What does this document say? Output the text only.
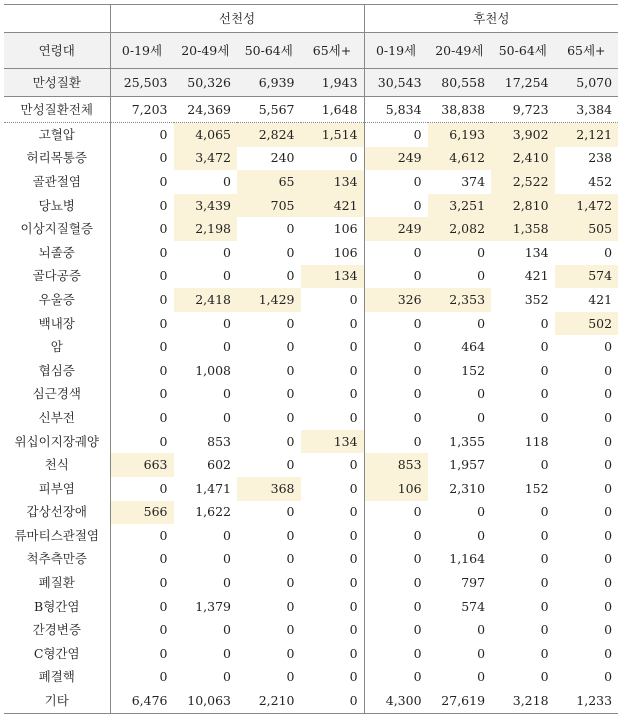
	선천성				후천성			
연령대	0-19세	20-49세	50-64세	65세+	0-19세	20-49세	50-64세	65세+
만성질환	25,503	50,326	6,939	1,943	30,543	80,558	17,254	5,070
만성질환전체	7,203	24,369	5,567	1,648	5,834	38,838	9,723	3,384
고혈압	0	4,065	2,824	1,514	0	6,193	3,902	2,121
허리목통증	0	3,472	240	0	249	4,612	2,410	238
골관절염	0	0	65	134	0	374	2,522	452
당뇨병	0	3,439	705	421	0	3,251	2,810	1,472
이상지질혈증	0	2,198	0	106	249	2,082	1,358	505
뇌졸중	0	0	0	106	0	0	134	0
골다공증	0	0	0	134	0	0	421	574
우울증	0	2,418	1,429	0	326	2,353	352	421
백내장	0	0	0	0	0	0	0	502
암	0	0	0	0	0	464	0	0
협심증	0	1,008	0	0	0	152	0	0
심근경색	0	0	0	0	0	0	0	0
신부전	0	0	0	0	0	0	0	0
위십이지장궤양	0	853	0	134	0	1,355	118	0
천식	663	602	0	0	853	1,957	0	0
피부염	0	1,471	368	0	106	2,310	152	0
갑상선장애	566	1,622	0	0	0	0	0	0
류마티스관절염	0	0	0	0	0	0	0	0
척추측만증	0	0	0	0	0	1,164	0	0
폐질환	0	0	0	0	0	797	0	0
B형간염	0	1,379	0	0	0	574	0	0
간경변증	0	0	0	0	0	0	0	0
C형간염	0	0	0	0	0	0	0	0
폐결핵	0	0	0	0	0	0	0	0
기타	6,476	10,063	2,210	0	4,300	27,619	3,218	1,233
